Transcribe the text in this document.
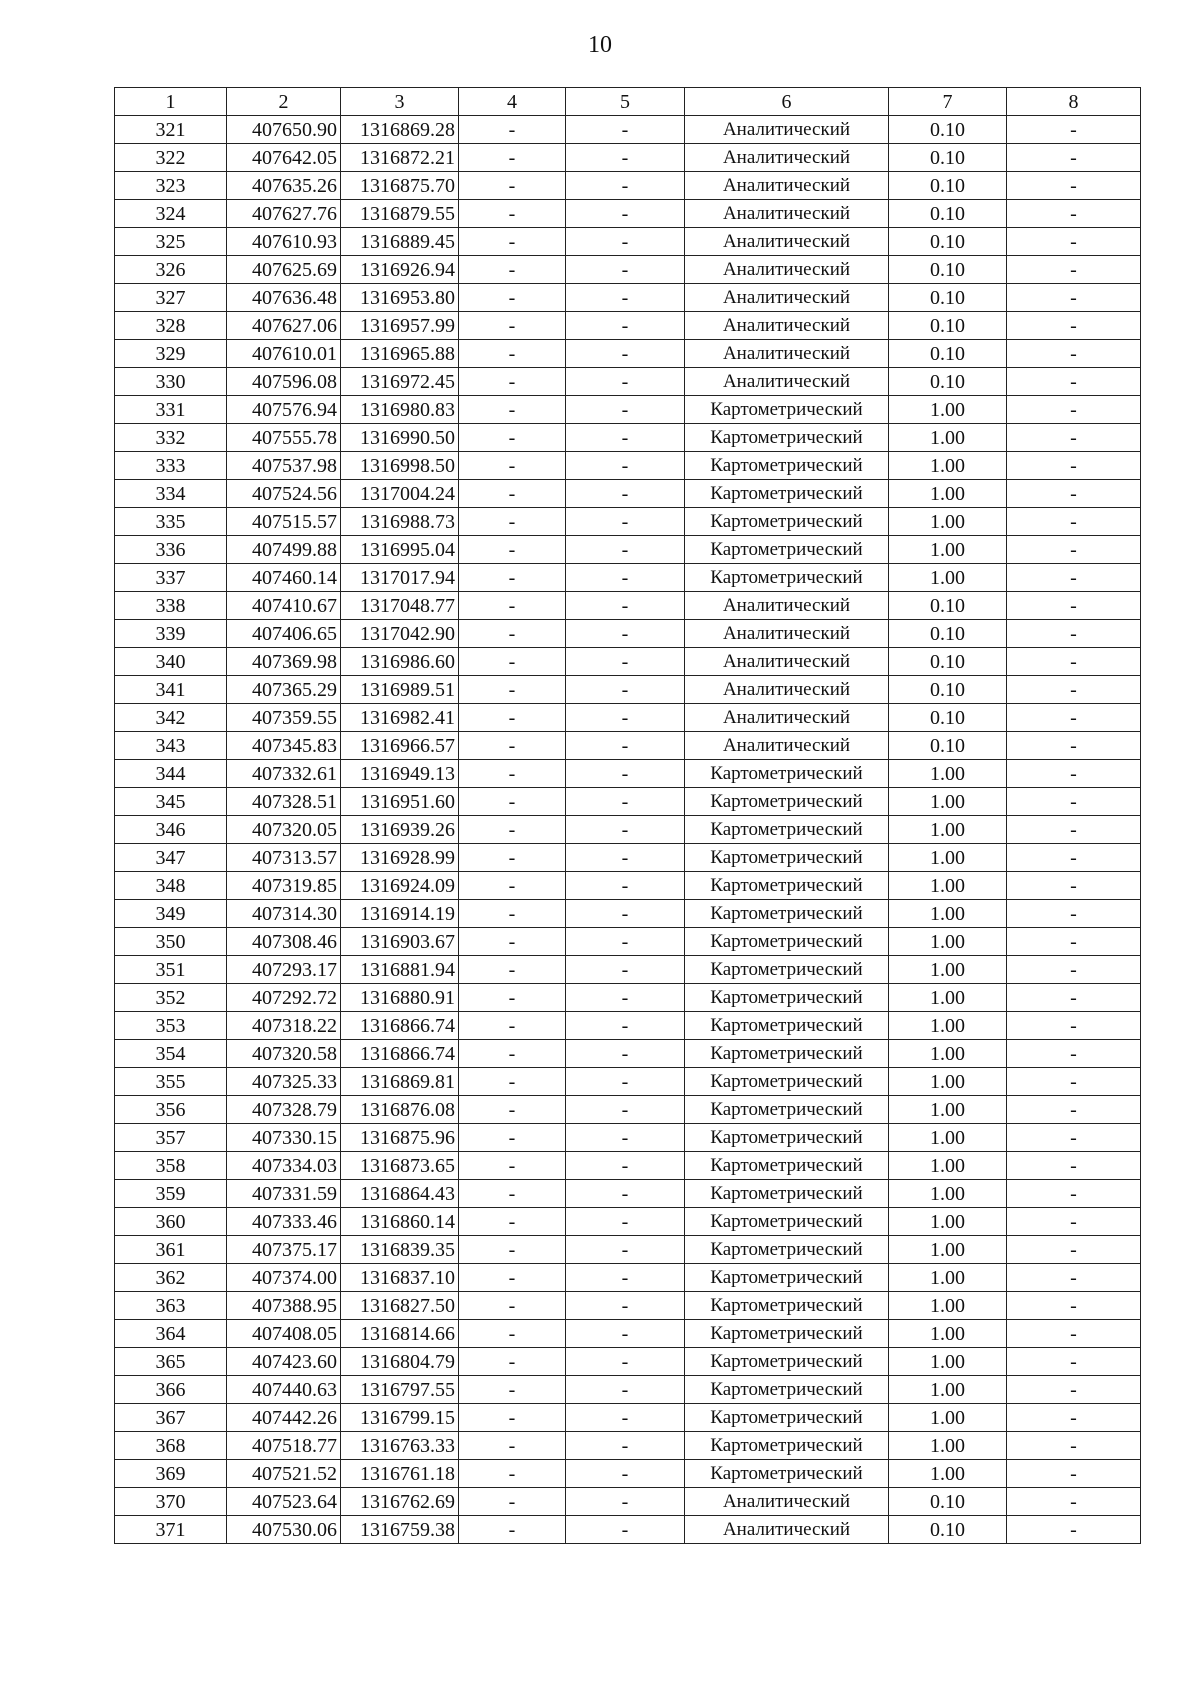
10
1	2	3	4	5	6	7	8
321	407650.90	1316869.28	-	-	Аналитический	0.10	-
322	407642.05	1316872.21	-	-	Аналитический	0.10	-
323	407635.26	1316875.70	-	-	Аналитический	0.10	-
324	407627.76	1316879.55	-	-	Аналитический	0.10	-
325	407610.93	1316889.45	-	-	Аналитический	0.10	-
326	407625.69	1316926.94	-	-	Аналитический	0.10	-
327	407636.48	1316953.80	-	-	Аналитический	0.10	-
328	407627.06	1316957.99	-	-	Аналитический	0.10	-
329	407610.01	1316965.88	-	-	Аналитический	0.10	-
330	407596.08	1316972.45	-	-	Аналитический	0.10	-
331	407576.94	1316980.83	-	-	Картометрический	1.00	-
332	407555.78	1316990.50	-	-	Картометрический	1.00	-
333	407537.98	1316998.50	-	-	Картометрический	1.00	-
334	407524.56	1317004.24	-	-	Картометрический	1.00	-
335	407515.57	1316988.73	-	-	Картометрический	1.00	-
336	407499.88	1316995.04	-	-	Картометрический	1.00	-
337	407460.14	1317017.94	-	-	Картометрический	1.00	-
338	407410.67	1317048.77	-	-	Аналитический	0.10	-
339	407406.65	1317042.90	-	-	Аналитический	0.10	-
340	407369.98	1316986.60	-	-	Аналитический	0.10	-
341	407365.29	1316989.51	-	-	Аналитический	0.10	-
342	407359.55	1316982.41	-	-	Аналитический	0.10	-
343	407345.83	1316966.57	-	-	Аналитический	0.10	-
344	407332.61	1316949.13	-	-	Картометрический	1.00	-
345	407328.51	1316951.60	-	-	Картометрический	1.00	-
346	407320.05	1316939.26	-	-	Картометрический	1.00	-
347	407313.57	1316928.99	-	-	Картометрический	1.00	-
348	407319.85	1316924.09	-	-	Картометрический	1.00	-
349	407314.30	1316914.19	-	-	Картометрический	1.00	-
350	407308.46	1316903.67	-	-	Картометрический	1.00	-
351	407293.17	1316881.94	-	-	Картометрический	1.00	-
352	407292.72	1316880.91	-	-	Картометрический	1.00	-
353	407318.22	1316866.74	-	-	Картометрический	1.00	-
354	407320.58	1316866.74	-	-	Картометрический	1.00	-
355	407325.33	1316869.81	-	-	Картометрический	1.00	-
356	407328.79	1316876.08	-	-	Картометрический	1.00	-
357	407330.15	1316875.96	-	-	Картометрический	1.00	-
358	407334.03	1316873.65	-	-	Картометрический	1.00	-
359	407331.59	1316864.43	-	-	Картометрический	1.00	-
360	407333.46	1316860.14	-	-	Картометрический	1.00	-
361	407375.17	1316839.35	-	-	Картометрический	1.00	-
362	407374.00	1316837.10	-	-	Картометрический	1.00	-
363	407388.95	1316827.50	-	-	Картометрический	1.00	-
364	407408.05	1316814.66	-	-	Картометрический	1.00	-
365	407423.60	1316804.79	-	-	Картометрический	1.00	-
366	407440.63	1316797.55	-	-	Картометрический	1.00	-
367	407442.26	1316799.15	-	-	Картометрический	1.00	-
368	407518.77	1316763.33	-	-	Картометрический	1.00	-
369	407521.52	1316761.18	-	-	Картометрический	1.00	-
370	407523.64	1316762.69	-	-	Аналитический	0.10	-
371	407530.06	1316759.38	-	-	Аналитический	0.10	-
